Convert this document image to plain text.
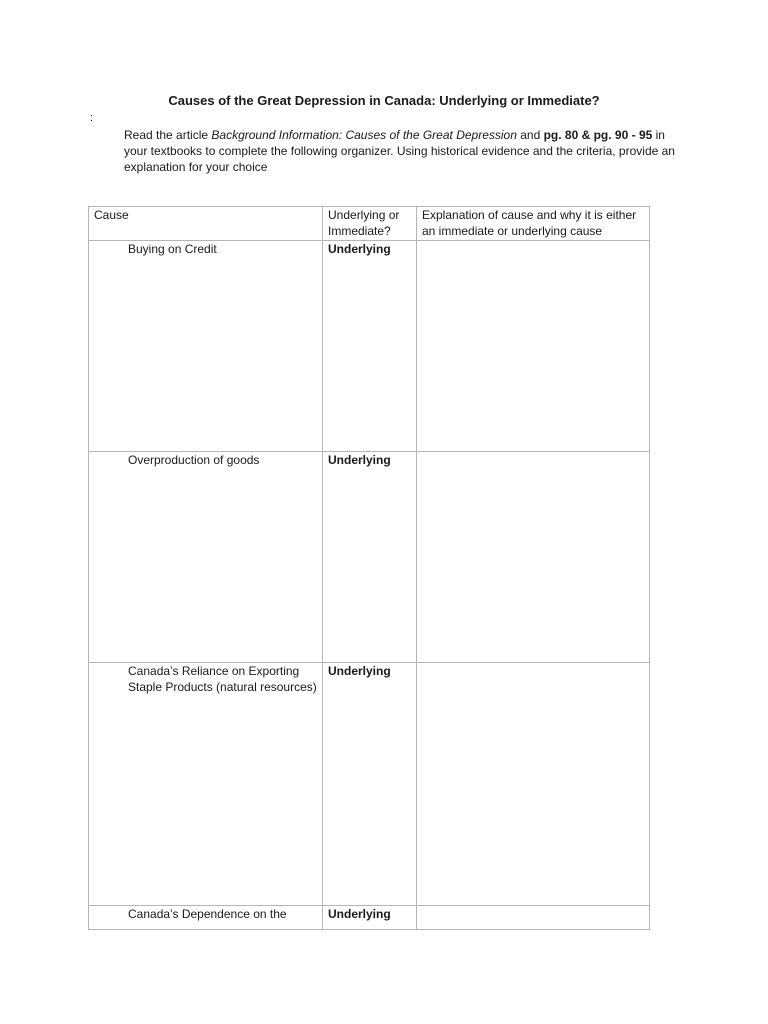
Causes of the Great Depression in Canada: Underlying or Immediate?
:
Read the article Background Information: Causes of the Great Depression and pg. 80 & pg. 90 - 95 in your textbooks to complete the following organizer. Using historical evidence and the criteria, provide an explanation for your choice
Cause	Underlying or Immediate?	Explanation of cause and why it is either an immediate or underlying cause

Buying on Credit	Underlying	

Overproduction of goods	Underlying	

Canada’s Reliance on Exporting Staple Products (natural resources)	Underlying	

Canada’s Dependence on the	Underlying	
